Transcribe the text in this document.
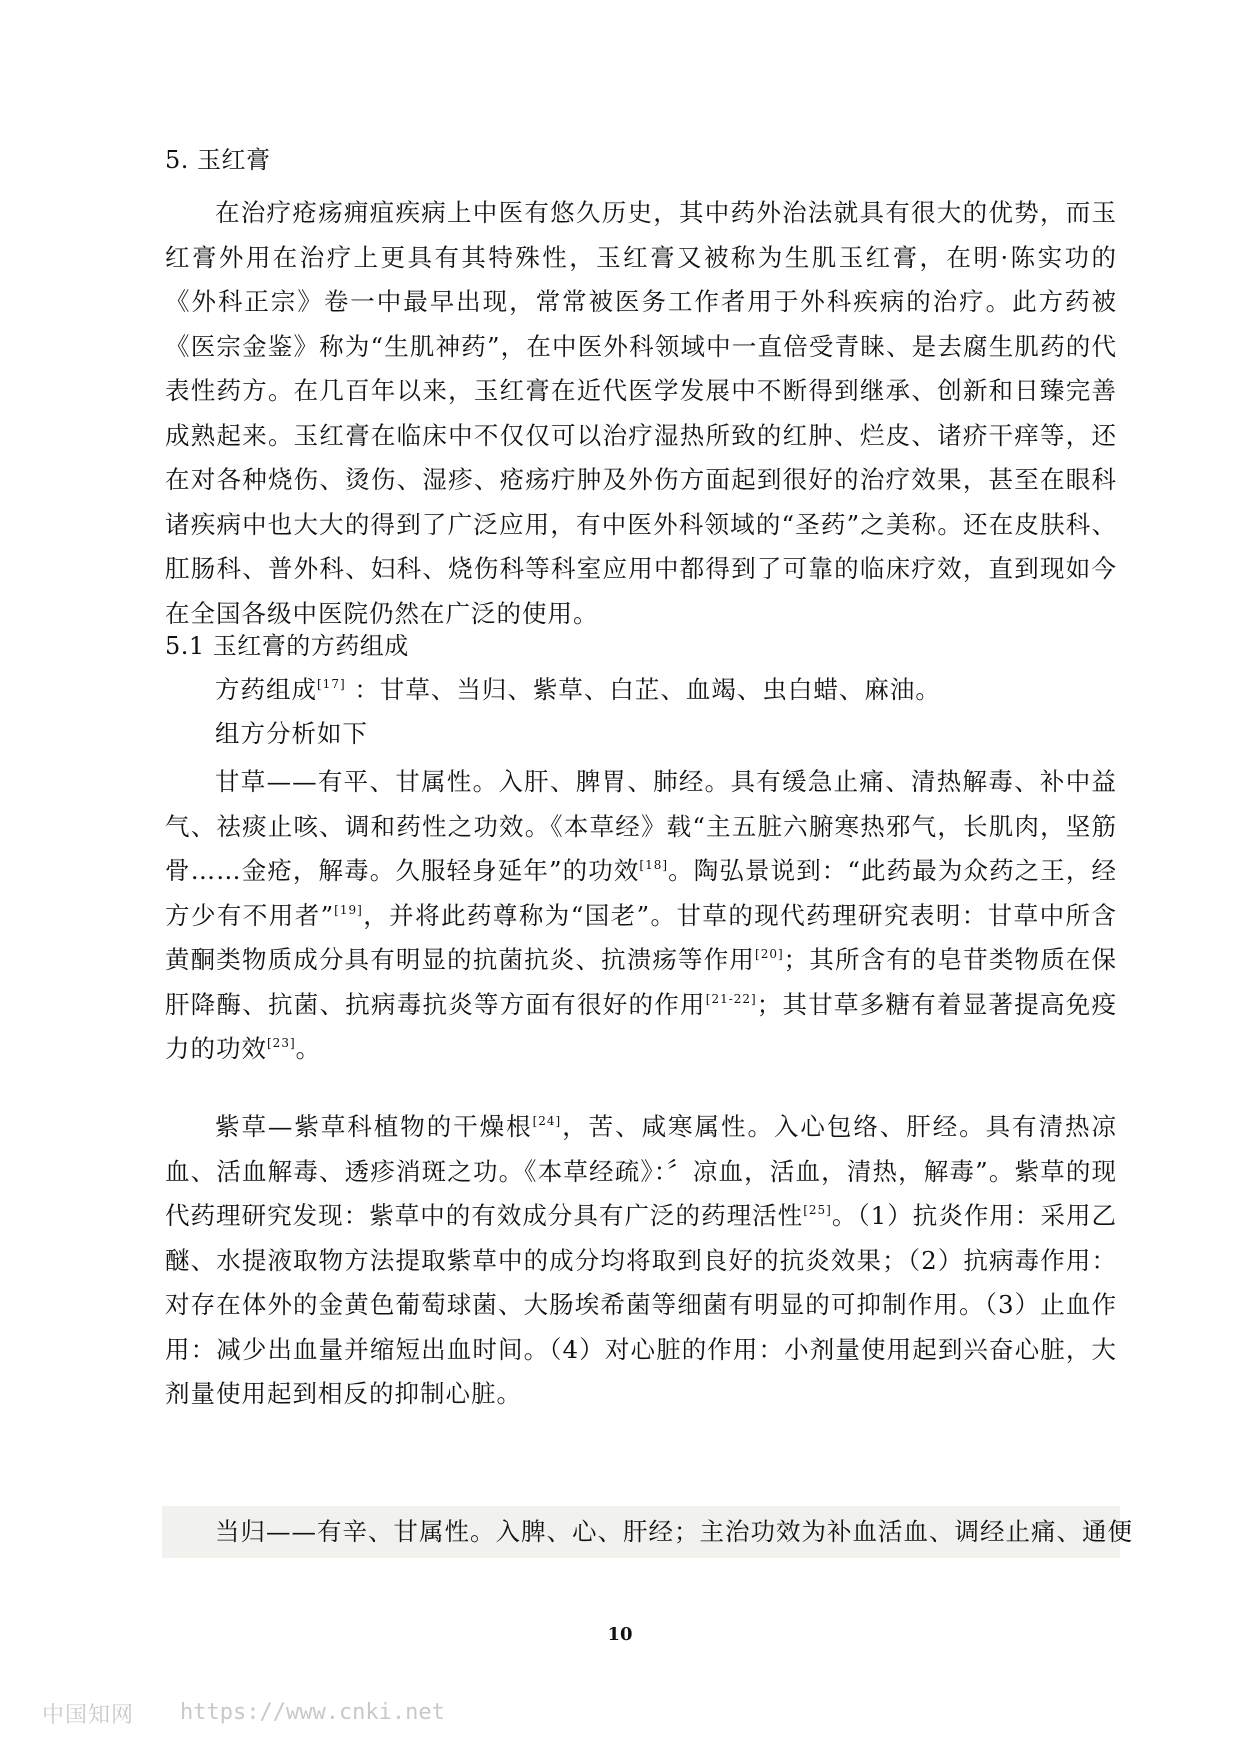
5. 玉红膏
在治疗疮疡痈疽疾病上中医有悠久历史，其中药外治法就具有很大的优势，而玉红膏外用在治疗上更具有其特殊性，玉红膏又被称为生肌玉红膏，在明·陈实功的《外科正宗》卷一中最早出现，常常被医务工作者用于外科疾病的治疗。此方药被《医宗金鉴》称为“生肌神药”，在中医外科领域中一直倍受青睐、是去腐生肌药的代表性药方。在几百年以来，玉红膏在近代医学发展中不断得到继承、创新和日臻完善成熟起来。玉红膏在临床中不仅仅可以治疗湿热所致的红肿、烂皮、诸疥干痒等，还在对各种烧伤、烫伤、湿疹、疮疡疔肿及外伤方面起到很好的治疗效果，甚至在眼科诸疾病中也大大的得到了广泛应用，有中医外科领域的“圣药”之美称。还在皮肤科、肛肠科、普外科、妇科、烧伤科等科室应用中都得到了可靠的临床疗效，直到现如今在全国各级中医院仍然在广泛的使用。
5.1 玉红膏的方药组成
方药组成[17] ：甘草、当归、紫草、白芷、血竭、虫白蜡、麻油。
组方分析如下
甘草——有平、甘属性。入肝、脾胃、肺经。具有缓急止痛、清热解毒、补中益气、祛痰止咳、调和药性之功效。《本草经》载“主五脏六腑寒热邪气，长肌肉，坚筋骨……金疮，解毒。久服轻身延年”的功效[18]。陶弘景说到：“此药最为众药之王，经方少有不用者”[19]，并将此药尊称为“国老”。甘草的现代药理研究表明：甘草中所含黄酮类物质成分具有明显的抗菌抗炎、抗溃疡等作用[20]；其所含有的皂苷类物质在保肝降酶、抗菌、抗病毒抗炎等方面有很好的作用[21-22]；其甘草多糖有着显著提高免疫力的功效[23]。
紫草—紫草科植物的干燥根[24]，苦、咸寒属性。入心包络、肝经。具有清热凉血、活血解毒、透疹消斑之功。《本草经疏》：〞凉血，活血，清热，解毒”。紫草的现代药理研究发现：紫草中的有效成分具有广泛的药理活性[25]。（1）抗炎作用：采用乙醚、水提液取物方法提取紫草中的成分均将取到良好的抗炎效果；（2）抗病毒作用：对存在体外的金黄色葡萄球菌、大肠埃希菌等细菌有明显的可抑制作用。（3）止血作用：减少出血量并缩短出血时间。（4）对心脏的作用：小剂量使用起到兴奋心脏，大剂量使用起到相反的抑制心脏。
当归——有辛、甘属性。入脾、心、肝经；主治功效为补血活血、调经止痛、通便
10
中国知网 https://www.cnki.net
